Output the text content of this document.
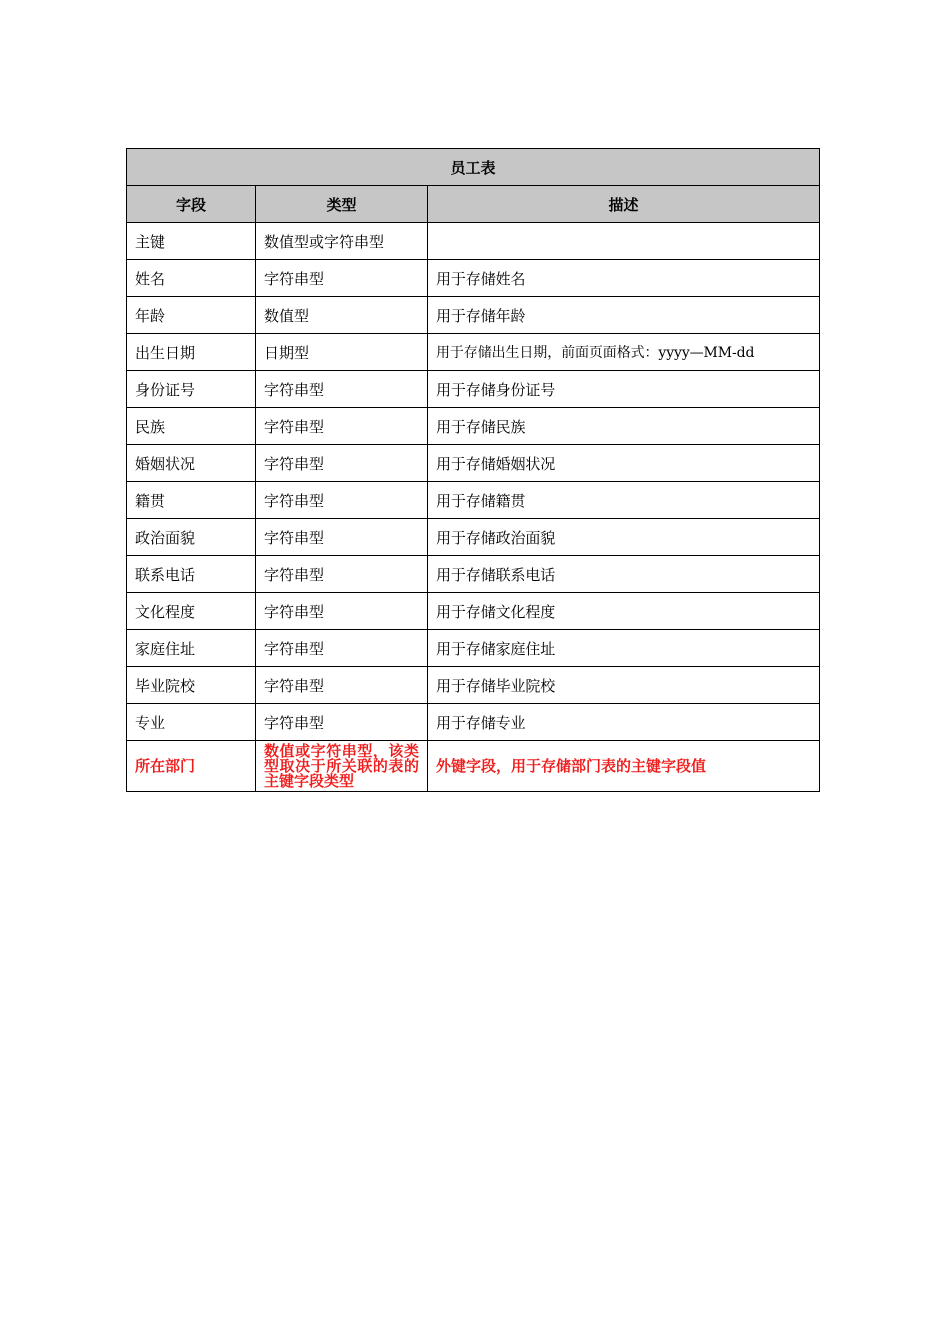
员工表		
字段	类型	描述
主键	数值型或字符串型	
姓名	字符串型	用于存储姓名
年龄	数值型	用于存储年龄
出生日期	日期型	用于存储出生日期，前面页面格式：yyyy—MM-dd
身份证号	字符串型	用于存储身份证号
民族	字符串型	用于存储民族
婚姻状况	字符串型	用于存储婚姻状况
籍贯	字符串型	用于存储籍贯
政治面貌	字符串型	用于存储政治面貌
联系电话	字符串型	用于存储联系电话
文化程度	字符串型	用于存储文化程度
家庭住址	字符串型	用于存储家庭住址
毕业院校	字符串型	用于存储毕业院校
专业	字符串型	用于存储专业
所在部门	数值或字符串型，该类型取决于所关联的表的主键字段类型	外键字段，用于存储部门表的主键字段值
